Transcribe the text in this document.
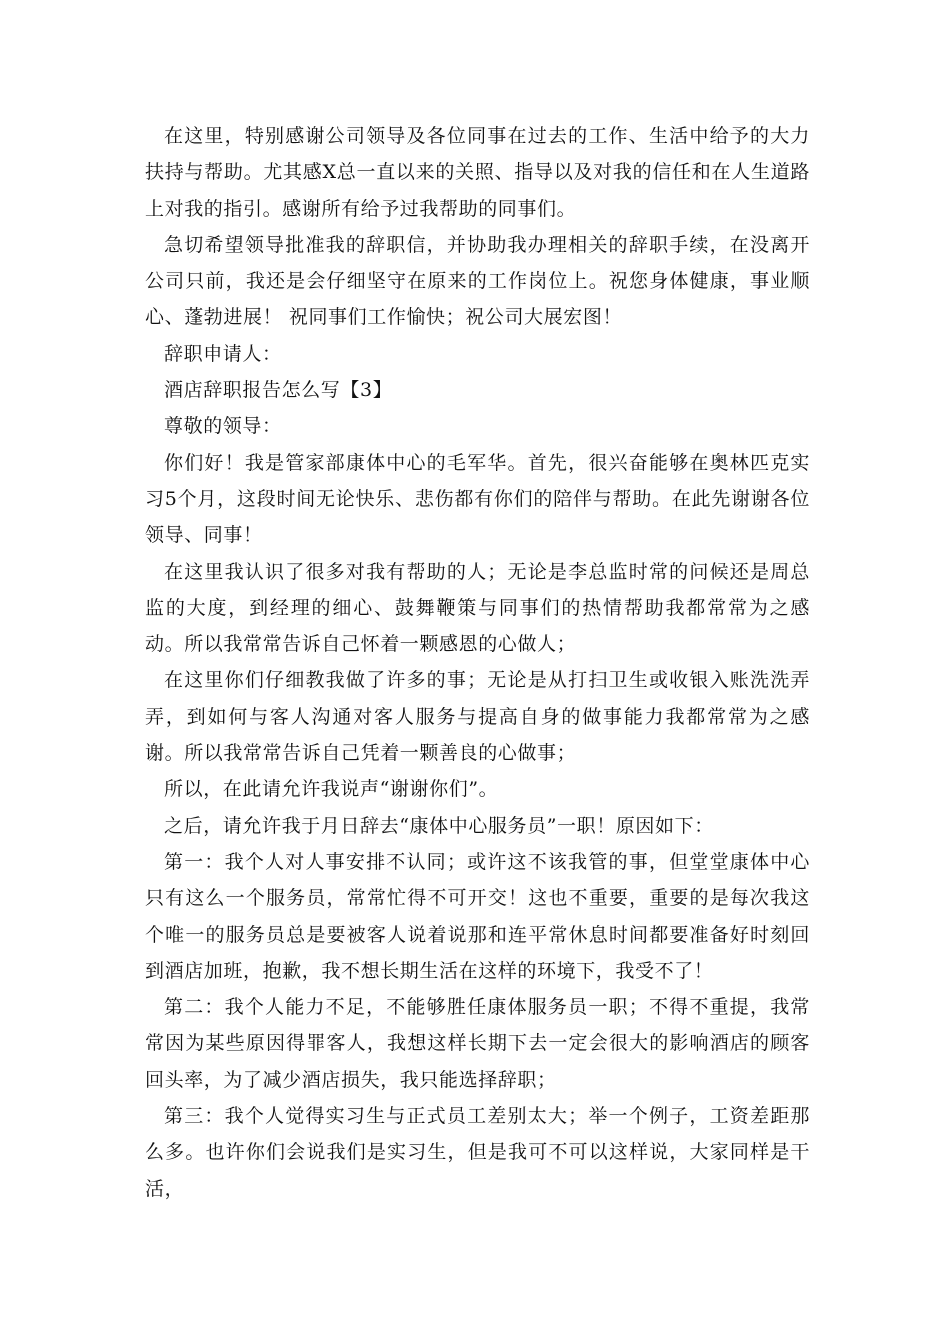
在这里，特别感谢公司领导及各位同事在过去的工作、生活中给予的大力扶持与帮助。尤其感X总一直以来的关照、指导以及对我的信任和在人生道路上对我的指引。感谢所有给予过我帮助的同事们。

急切希望领导批准我的辞职信，并协助我办理相关的辞职手续，在没离开公司只前，我还是会仔细坚守在原来的工作岗位上。祝您身体健康，事业顺心、蓬勃进展！ 祝同事们工作愉快；祝公司大展宏图！

辞职申请人：

酒店辞职报告怎么写【3】

尊敬的领导：

你们好！我是管家部康体中心的毛军华。首先，很兴奋能够在奥林匹克实习5个月，这段时间无论快乐、悲伤都有你们的陪伴与帮助。在此先谢谢各位领导、同事！

在这里我认识了很多对我有帮助的人；无论是李总监时常的问候还是周总监的大度，到经理的细心、鼓舞鞭策与同事们的热情帮助我都常常为之感动。所以我常常告诉自己怀着一颗感恩的心做人；

在这里你们仔细教我做了许多的事；无论是从打扫卫生或收银入账洗洗弄弄，到如何与客人沟通对客人服务与提高自身的做事能力我都常常为之感谢。所以我常常告诉自己凭着一颗善良的心做事；

所以，在此请允许我说声“谢谢你们”。

之后，请允许我于月日辞去“康体中心服务员”一职！原因如下：

第一：我个人对人事安排不认同；或许这不该我管的事，但堂堂康体中心只有这么一个服务员，常常忙得不可开交！这也不重要，重要的是每次我这个唯一的服务员总是要被客人说着说那和连平常休息时间都要准备好时刻回到酒店加班，抱歉，我不想长期生活在这样的环境下，我受不了！

第二：我个人能力不足，不能够胜任康体服务员一职；不得不重提，我常常因为某些原因得罪客人，我想这样长期下去一定会很大的影响酒店的顾客回头率，为了减少酒店损失，我只能选择辞职；

第三：我个人觉得实习生与正式员工差别太大；举一个例子，工资差距那么多。也许你们会说我们是实习生，但是我可不可以这样说，大家同样是干活，
